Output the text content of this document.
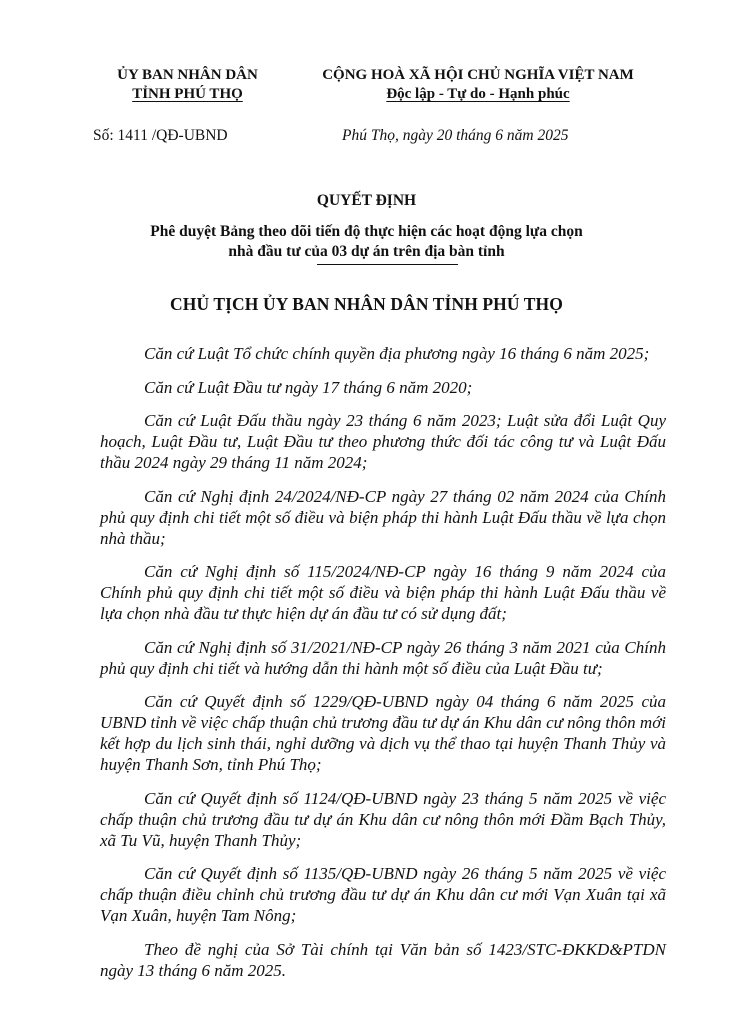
ỦY BAN NHÂN DÂN
TỈNH PHÚ THỌ
CỘNG HOÀ XÃ HỘI CHỦ NGHĨA VIỆT NAM
Độc lập - Tự do - Hạnh phúc
Số: 1411 /QĐ-UBND	Phú Thọ, ngày 20 tháng 6 năm 2025
QUYẾT ĐỊNH
Phê duyệt Bảng theo dõi tiến độ thực hiện các hoạt động lựa chọn
nhà đầu tư của 03 dự án trên địa bàn tỉnh
CHỦ TỊCH ỦY BAN NHÂN DÂN TỈNH PHÚ THỌ

Căn cứ Luật Tổ chức chính quyền địa phương ngày 16 tháng 6 năm 2025;

Căn cứ Luật Đầu tư ngày 17 tháng 6 năm 2020;

Căn cứ Luật Đấu thầu ngày 23 tháng 6 năm 2023; Luật sửa đổi Luật Quy hoạch, Luật Đầu tư, Luật Đầu tư theo phương thức đối tác công tư và Luật Đấu thầu 2024 ngày 29 tháng 11 năm 2024;

Căn cứ Nghị định 24/2024/NĐ-CP ngày 27 tháng 02 năm 2024 của Chính phủ quy định chi tiết một số điều và biện pháp thi hành Luật Đấu thầu về lựa chọn nhà thầu;

Căn cứ Nghị định số 115/2024/NĐ-CP ngày 16 tháng 9 năm 2024 của Chính phủ quy định chi tiết một số điều và biện pháp thi hành Luật Đấu thầu về lựa chọn nhà đầu tư thực hiện dự án đầu tư có sử dụng đất;

Căn cứ Nghị định số 31/2021/NĐ-CP ngày 26 tháng 3 năm 2021 của Chính phủ quy định chi tiết và hướng dẫn thi hành một số điều của Luật Đầu tư;

Căn cứ Quyết định số 1229/QĐ-UBND ngày 04 tháng 6 năm 2025 của UBND tỉnh về việc chấp thuận chủ trương đầu tư dự án Khu dân cư nông thôn mới kết hợp du lịch sinh thái, nghỉ dưỡng và dịch vụ thể thao tại huyện Thanh Thủy và huyện Thanh Sơn, tỉnh Phú Thọ;

Căn cứ Quyết định số 1124/QĐ-UBND ngày 23 tháng 5 năm 2025 về việc chấp thuận chủ trương đầu tư dự án Khu dân cư nông thôn mới Đầm Bạch Thủy, xã Tu Vũ, huyện Thanh Thủy;

Căn cứ Quyết định số 1135/QĐ-UBND ngày 26 tháng 5 năm 2025 về việc chấp thuận điều chỉnh chủ trương đầu tư dự án Khu dân cư mới Vạn Xuân tại xã Vạn Xuân, huyện Tam Nông;

Theo đề nghị của Sở Tài chính tại Văn bản số 1423/STC-ĐKKD&PTDN ngày 13 tháng 6 năm 2025.
